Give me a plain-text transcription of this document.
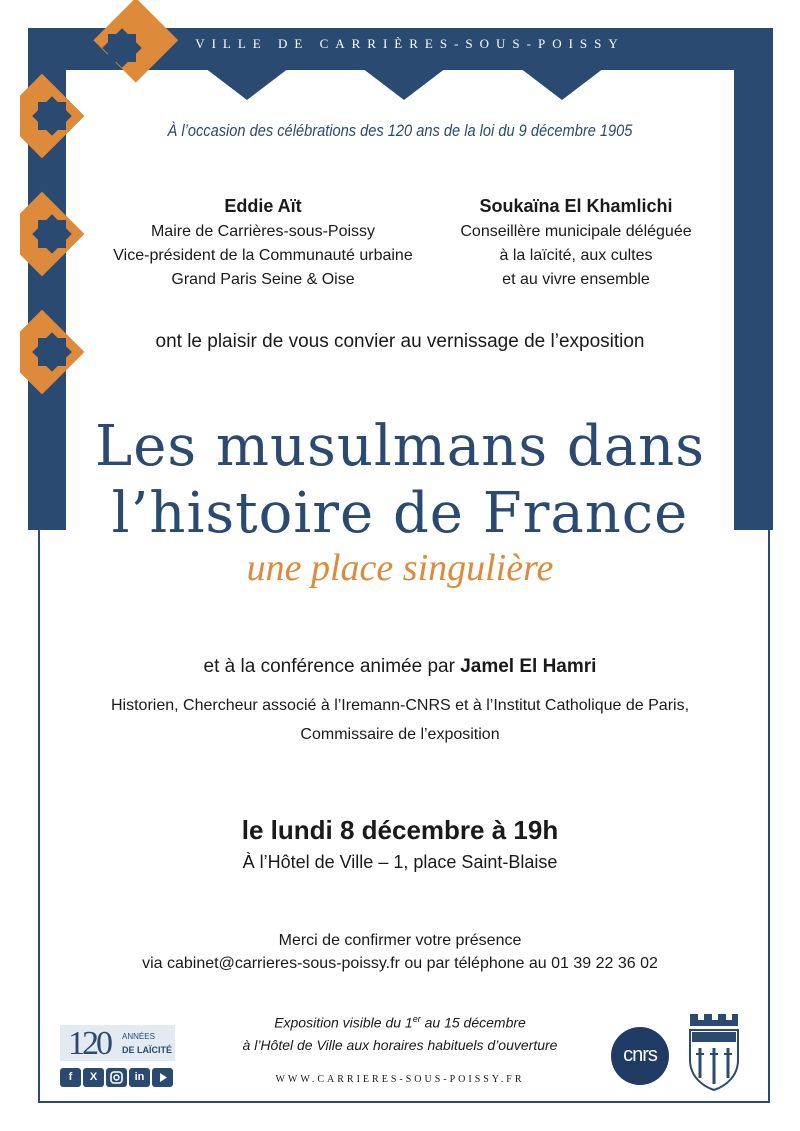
VILLE DE CARRIÈRES-SOUS-POISSY
À l’occasion des célébrations des 120 ans de la loi du 9 décembre 1905
Eddie Aït
Maire de Carrières-sous-Poissy
Vice-président de la Communauté urbaine
Grand Paris Seine & Oise
Soukaïna El Khamlichi
Conseillère municipale déléguée
à la laïcité, aux cultes
et au vivre ensemble
ont le plaisir de vous convier au vernissage de l’exposition
Les musulmans dans
l’histoire de France
une place singulière
et à la conférence animée par Jamel El Hamri
Historien, Chercheur associé à l’Iremann-CNRS et à l’Institut Catholique de Paris,
Commissaire de l’exposition
le lundi 8 décembre à 19h
À l’Hôtel de Ville – 1, place Saint-Blaise
Merci de confirmer votre présence
via cabinet@carrieres-sous-poissy.fr ou par téléphone au 01 39 22 36 02
Exposition visible du 1er au 15 décembre
à l’Hôtel de Ville aux horaires habituels d’ouverture
120 ANNÉES
DE LAÏCITÉ
f	X	in	WWW.CARRIERES-SOUS-POISSY.FR
cnrs
